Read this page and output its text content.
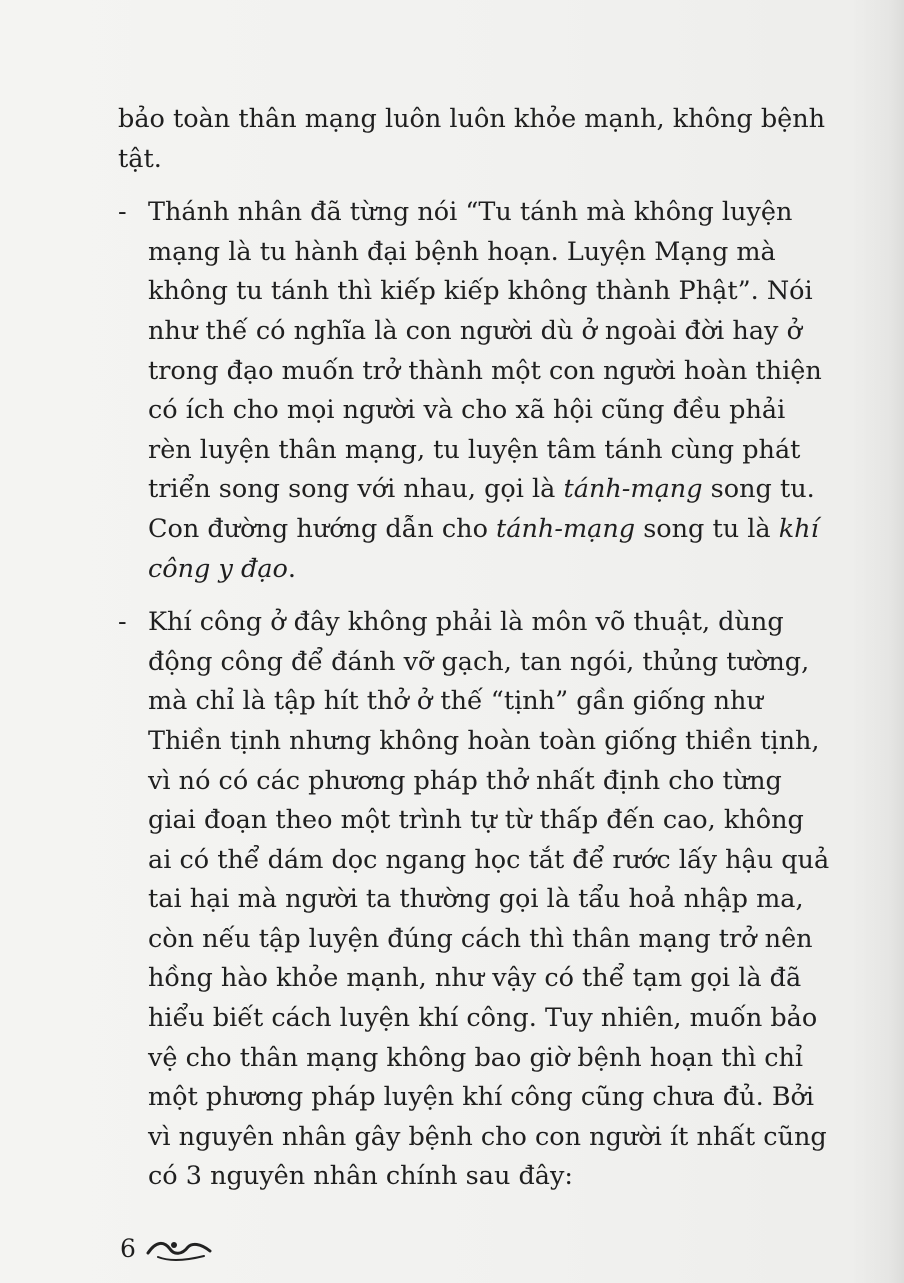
bảo toàn thân mạng luôn luôn khỏe mạnh, không bệnh tật.

- Thánh nhân đã từng nói “Tu tánh mà không luyện mạng là tu hành đại bệnh hoạn. Luyện Mạng mà không tu tánh thì kiếp kiếp không thành Phật”. Nói như thế có nghĩa là con người dù ở ngoài đời hay ở trong đạo muốn trở thành một con người hoàn thiện có ích cho mọi người và cho xã hội cũng đều phải rèn luyện thân mạng, tu luyện tâm tánh cùng phát triển song song với nhau, gọi là tánh-mạng song tu. Con đường hướng dẫn cho tánh-mạng song tu là khí công y đạo.
- Khí công ở đây không phải là môn võ thuật, dùng động công để đánh vỡ gạch, tan ngói, thủng tường, mà chỉ là tập hít thở ở thế “tịnh” gần giống như Thiền tịnh nhưng không hoàn toàn giống thiền tịnh, vì nó có các phương pháp thở nhất định cho từng giai đoạn theo một trình tự từ thấp đến cao, không ai có thể dám dọc ngang học tắt để rước lấy hậu quả tai hại mà người ta thường gọi là tẩu hoả nhập ma, còn nếu tập luyện đúng cách thì thân mạng trở nên hồng hào khỏe mạnh, như vậy có thể tạm gọi là đã hiểu biết cách luyện khí công. Tuy nhiên, muốn bảo vệ cho thân mạng không bao giờ bệnh hoạn thì chỉ một phương pháp luyện khí công cũng chưa đủ. Bởi vì nguyên nhân gây bệnh cho con người ít nhất cũng có 3 nguyên nhân chính sau đây:
6
